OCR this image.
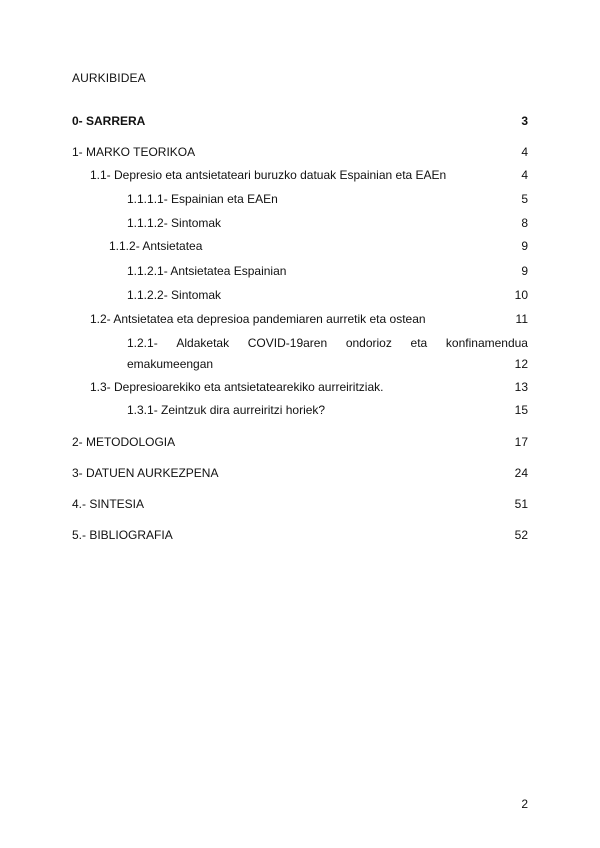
AURKIBIDEA
0- SARRERA	3
1- MARKO TEORIKOA	4
1.1- Depresio eta antsietateari buruzko datuak Espainian eta EAEn	4
1.1.1.1- Espainian eta EAEn	5
1.1.1.2- Sintomak	8
1.1.2- Antsietatea	9
1.1.2.1- Antsietatea Espainian	9
1.1.2.2- Sintomak	10
1.2- Antsietatea eta depresioa pandemiaren aurretik eta ostean	11
1.2.1- Aldaketak COVID-19aren ondorioz eta konfinamendua
emakumeengan	12
1.3- Depresioarekiko eta antsietatearekiko aurreiritziak.	13
1.3.1- Zeintzuk dira aurreiritzi horiek?	15
2- METODOLOGIA	17
3- DATUEN AURKEZPENA	24
4.- SINTESIA	51
5.- BIBLIOGRAFIA	52
2
